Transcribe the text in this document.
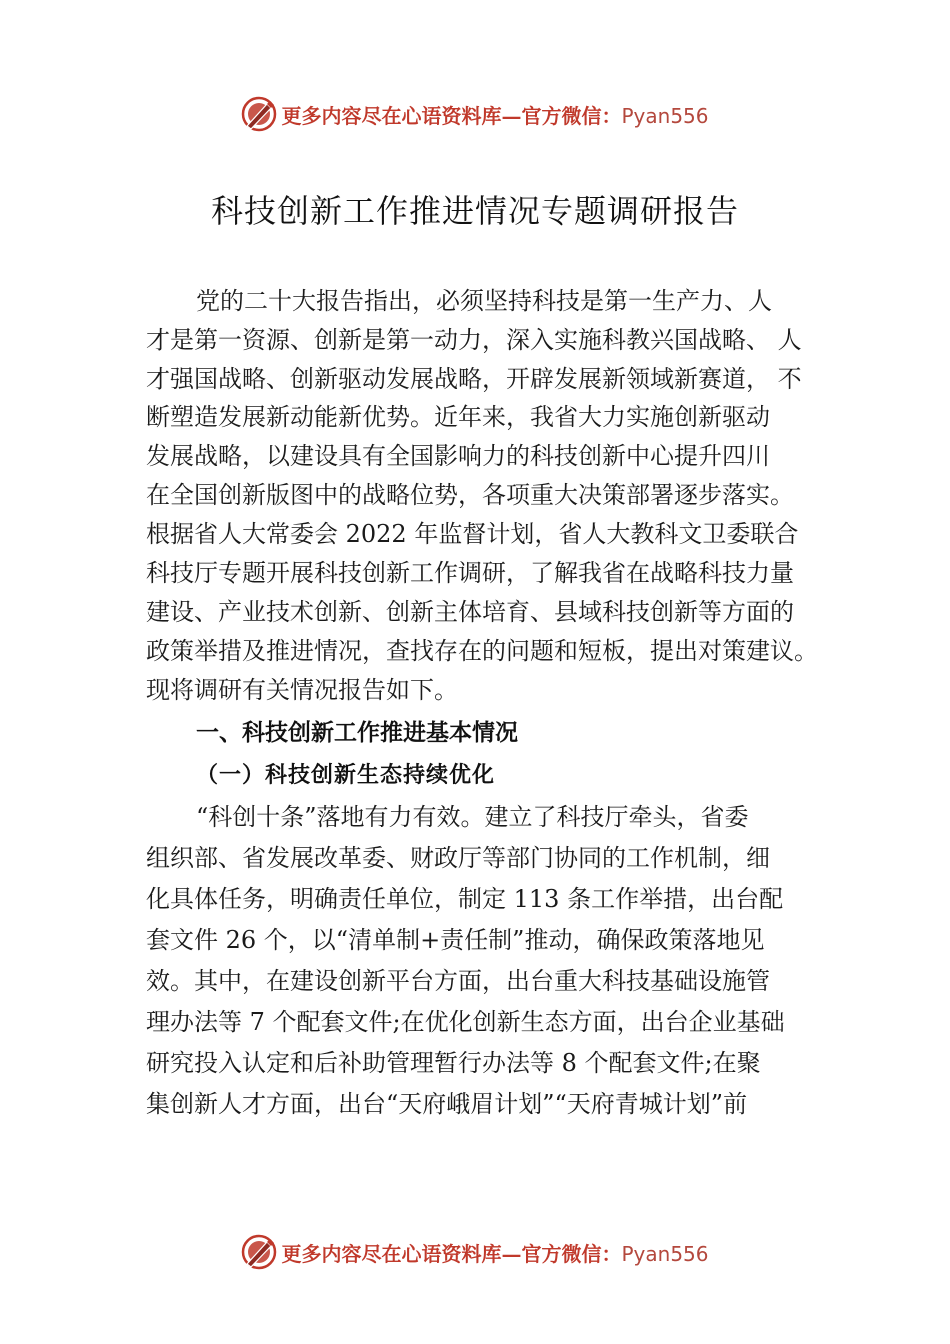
更多内容尽在心语资料库—官方微信：Pyan556
科技创新工作推进情况专题调研报告
党的二十大报告指出，必须坚持科技是第一生产力、人
才是第一资源、创新是第一动力，深入实施科教兴国战略、 人
才强国战略、创新驱动发展战略，开辟发展新领域新赛道， 不
断塑造发展新动能新优势。近年来，我省大力实施创新驱动
发展战略，以建设具有全国影响力的科技创新中心提升四川
在全国创新版图中的战略位势，各项重大决策部署逐步落实。
根据省人大常委会 2022 年监督计划，省人大教科文卫委联合
科技厅专题开展科技创新工作调研，了解我省在战略科技力量
建设、产业技术创新、创新主体培育、县域科技创新等方面的
政策举措及推进情况，查找存在的问题和短板，提出对策建议。
现将调研有关情况报告如下。
一、科技创新工作推进基本情况
（一）科技创新生态持续优化
“科创十条”落地有力有效。建立了科技厅牵头，省委
组织部、省发展改革委、财政厅等部门协同的工作机制，细
化具体任务，明确责任单位，制定 113 条工作举措，出台配
套文件 26 个，以“清单制+责任制”推动，确保政策落地见
效。其中，在建设创新平台方面，出台重大科技基础设施管
理办法等 7 个配套文件;在优化创新生态方面，出台企业基础
研究投入认定和后补助管理暂行办法等 8 个配套文件;在聚
集创新人才方面，出台“天府峨眉计划”“天府青城计划”前
更多内容尽在心语资料库—官方微信：Pyan556
